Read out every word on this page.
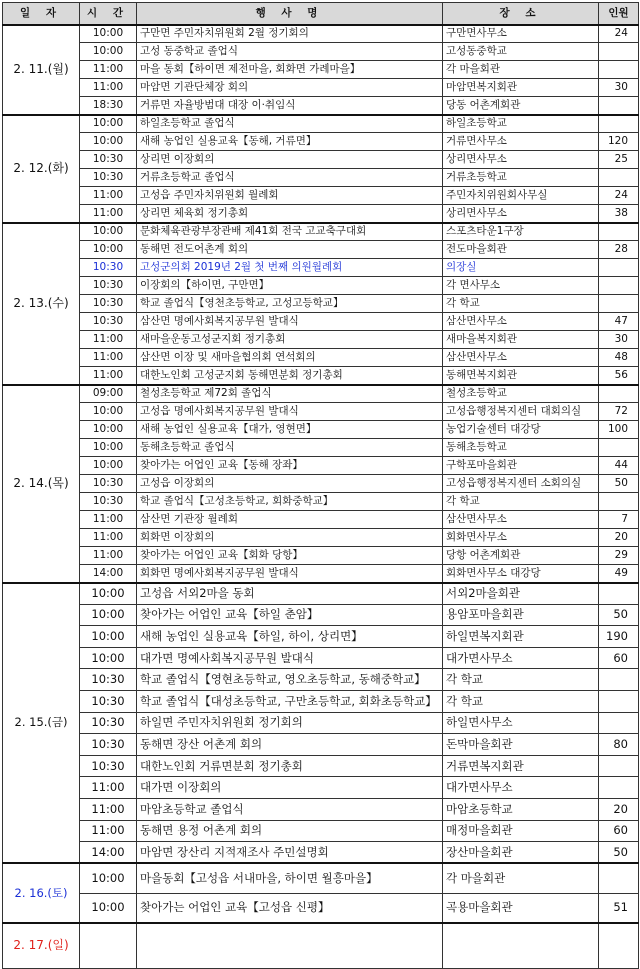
일 자	시 간	행 사 명	장 소	인원
2. 11.(월)	10:00	구만면 주민자치위원회 2월 정기회의	구만면사무소	24
	10:00	고성 동중학교 졸업식	고성동중학교	
	11:00	마을 동회【하이면 제전마을, 회화면 가례마을】	각 마을회관	
	11:00	마암면 기관단체장 회의	마암면복지회관	30
	18:30	거류면 자율방범대 대장 이·취임식	당동 어촌계회관	
2. 12.(화)	10:00	하일초등학교 졸업식	하일초등학교	
	10:00	새해 농업인 실용교육【동해, 거류면】	거류면사무소	120
	10:30	상리면 이장회의	상리면사무소	25
	10:30	거류초등학교 졸업식	거류초등학교	
	11:00	고성읍 주민자치위원회 월례회	주민자치위원회사무실	24
	11:00	상리면 체육회 정기총회	상리면사무소	38
2. 13.(수)	10:00	문화체육관광부장관배 제41회 전국 고교축구대회	스포츠타운1구장	
	10:00	동해면 전도어촌계 회의	전도마을회관	28
	10:30	고성군의회 2019년 2월 첫 번째 의원월례회	의장실	
	10:30	이장회의【하이면, 구만면】	각 면사무소	
	10:30	학교 졸업식【영천초등학교, 고성고등학교】	각 학교	
	10:30	삼산면 명예사회복지공무원 발대식	삼산면사무소	47
	11:00	새마을운동고성군지회 정기총회	새마을복지회관	30
	11:00	삼산면 이장 및 새마을협의회 연석회의	삼산면사무소	48
	11:00	대한노인회 고성군지회 동해면분회 정기총회	동해면복지회관	56
2. 14.(목)	09:00	철성초등학교 제72회 졸업식	철성초등학교	
	10:00	고성읍 명예사회복지공무원 발대식	고성읍행정복지센터 대회의실	72
	10:00	새해 농업인 실용교육【대가, 영현면】	농업기술센터 대강당	100
	10:00	동해초등학교 졸업식	동해초등학교	
	10:00	찾아가는 어업인 교육【동해 장좌】	구학포마을회관	44
	10:30	고성읍 이장회의	고성읍행정복지센터 소회의실	50
	10:30	학교 졸업식【고성초등학교, 회화중학교】	각 학교	
	11:00	삼산면 기관장 월례회	삼산면사무소	7
	11:00	회화면 이장회의	회화면사무소	20
	11:00	찾아가는 어업인 교육【회화 당항】	당항 어촌계회관	29
	14:00	회화면 명예사회복지공무원 발대식	회화면사무소 대강당	49
2. 15.(금)	10:00	고성읍 서외2마을 동회	서외2마을회관	
	10:00	찾아가는 어업인 교육【하일 춘암】	용암포마을회관	50
	10:00	새해 농업인 실용교육【하일, 하이, 상리면】	하일면복지회관	190
	10:00	대가면 명예사회복지공무원 발대식	대가면사무소	60
	10:30	학교 졸업식【영현초등학교, 영오초등학교, 동해중학교】	각 학교	
	10:30	학교 졸업식【대성초등학교, 구만초등학교, 회화초등학교】	각 학교	
	10:30	하일면 주민자치위원회 정기회의	하일면사무소	
	10:30	동해면 장산 어촌계 회의	돈막마을회관	80
	10:30	대한노인회 거류면분회 정기총회	거류면복지회관	
	11:00	대가면 이장회의	대가면사무소	
	11:00	마암초등학교 졸업식	마암초등학교	20
	11:00	동해면 용정 어촌계 회의	매정마을회관	60
	14:00	마암면 장산리 지적재조사 주민설명회	장산마을회관	50
2. 16.(토)	10:00	마을동회【고성읍 서내마을, 하이면 월흥마을】	각 마을회관	
	10:00	찾아가는 어업인 교육【고성읍 신평】	곡용마을회관	51
2. 17.(일)				
